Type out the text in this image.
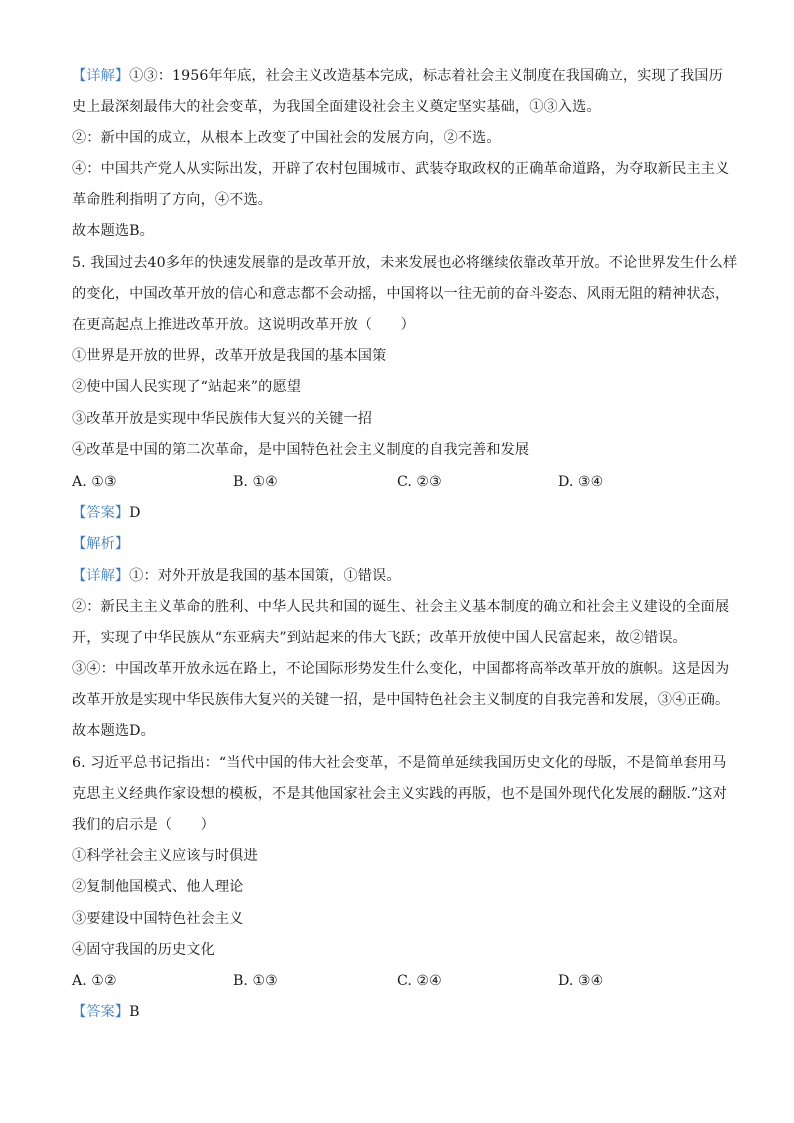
【详解】①③：1956年年底，社会主义改造基本完成，标志着社会主义制度在我国确立，实现了我国历
史上最深刻最伟大的社会变革，为我国全面建设社会主义奠定坚实基础，①③入选。
②：新中国的成立，从根本上改变了中国社会的发展方向，②不选。
④：中国共产党人从实际出发，开辟了农村包围城市、武装夺取政权的正确革命道路，为夺取新民主主义
革命胜利指明了方向，④不选。
故本题选B。
5. 我国过去40多年的快速发展靠的是改革开放，未来发展也必将继续依靠改革开放。不论世界发生什么样
的变化，中国改革开放的信心和意志都不会动摇，中国将以一往无前的奋斗姿态、风雨无阻的精神状态，
在更高起点上推进改革开放。这说明改革开放（　　）
①世界是开放的世界，改革开放是我国的基本国策
②使中国人民实现了“站起来”的愿望
③改革开放是实现中华民族伟大复兴的关键一招
④改革是中国的第二次革命，是中国特色社会主义制度的自我完善和发展
A. ①③	B. ①④	C. ②③	D. ③④
【答案】D
【解析】
【详解】①：对外开放是我国的基本国策，①错误。
②：新民主主义革命的胜利、中华人民共和国的诞生、社会主义基本制度的确立和社会主义建设的全面展
开，实现了中华民族从“东亚病夫”到站起来的伟大飞跃；改革开放使中国人民富起来，故②错误。
③④：中国改革开放永远在路上，不论国际形势发生什么变化，中国都将高举改革开放的旗帜。这是因为
改革开放是实现中华民族伟大复兴的关键一招，是中国特色社会主义制度的自我完善和发展，③④正确。
故本题选D。
6. 习近平总书记指出：“当代中国的伟大社会变革，不是简单延续我国历史文化的母版，不是简单套用马
克思主义经典作家设想的模板，不是其他国家社会主义实践的再版，也不是国外现代化发展的翻版.”这对
我们的启示是（　　）
①科学社会主义应该与时俱进
②复制他国模式、他人理论
③要建设中国特色社会主义
④固守我国的历史文化
A. ①②	B. ①③	C. ②④	D. ③④
【答案】B
